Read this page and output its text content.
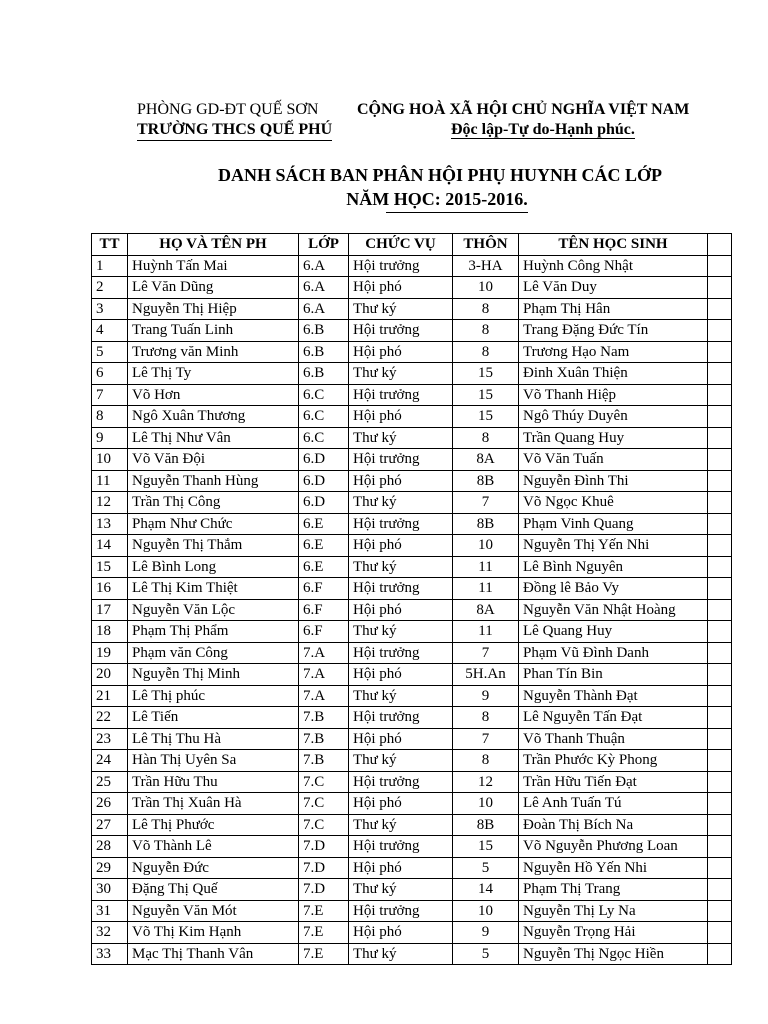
PHÒNG GD-ĐT QUẾ SƠN
TRƯỜNG THCS QUẾ PHÚ
CỘNG HOÀ XÃ HỘI CHỦ NGHĨA VIỆT NAM
Độc lập-Tự do-Hạnh phúc.
DANH SÁCH BAN PHÂN HỘI PHỤ HUYNH CÁC LỚP
NĂM HỌC: 2015-2016.
TT	HỌ VÀ TÊN PH	LỚP	CHỨC VỤ	THÔN	TÊN HỌC SINH	
1	Huỳnh Tấn Mai	6.A	Hội trưởng	3-HA	Huỳnh Công Nhật	
2	Lê Văn Dũng	6.A	Hội phó	10	Lê Văn Duy	
3	Nguyễn Thị Hiệp	6.A	Thư ký	8	Phạm Thị Hân	
4	Trang Tuấn Linh	6.B	Hội trưởng	8	Trang Đặng Đức Tín	
5	Trương văn Minh	6.B	Hội phó	8	Trương Hạo Nam	
6	Lê Thị Ty	6.B	Thư ký	15	Đinh Xuân Thiện	
7	Võ Hơn	6.C	Hội trưởng	15	Võ Thanh Hiệp	
8	Ngô Xuân Thương	6.C	Hội phó	15	Ngô Thúy Duyên	
9	Lê Thị Như Vân	6.C	Thư ký	8	Trần Quang Huy	
10	Võ Văn Đội	6.D	Hội trưởng	8A	Võ Văn Tuấn	
11	Nguyễn Thanh Hùng	6.D	Hội phó	8B	Nguyễn Đình Thi	
12	Trần Thị Công	6.D	Thư ký	7	Võ Ngọc Khuê	
13	Phạm Như Chức	6.E	Hội trưởng	8B	Phạm Vinh Quang	
14	Nguyễn Thị Thắm	6.E	Hội phó	10	Nguyễn Thị Yến Nhi	
15	Lê Bình Long	6.E	Thư ký	11	Lê Bình Nguyên	
16	Lê Thị Kim Thiệt	6.F	Hội trưởng	11	Đồng lê Bảo Vy	
17	Nguyễn Văn Lộc	6.F	Hội phó	8A	Nguyễn Văn Nhật Hoàng	
18	Phạm Thị Phẩm	6.F	Thư ký	11	Lê Quang Huy	
19	Phạm văn Công	7.A	Hội trưởng	7	Phạm Vũ Đình Danh	
20	Nguyễn Thị Minh	7.A	Hội phó	5H.An	Phan Tín Bin	
21	Lê Thị phúc	7.A	Thư ký	9	Nguyễn Thành Đạt	
22	Lê Tiến	7.B	Hội trưởng	8	Lê Nguyễn Tấn Đạt	
23	Lê Thị Thu Hà	7.B	Hội phó	7	Võ Thanh Thuận	
24	Hàn Thị Uyên Sa	7.B	Thư ký	8	Trần Phước Kỳ Phong	
25	Trần Hữu Thu	7.C	Hội trưởng	12	Trần Hữu Tiến Đạt	
26	Trần Thị Xuân Hà	7.C	Hội phó	10	Lê Anh Tuấn Tú	
27	Lê Thị Phước	7.C	Thư ký	8B	Đoàn Thị Bích Na	
28	Võ Thành Lê	7.D	Hội trưởng	15	Võ Nguyễn Phương Loan	
29	Nguyễn Đức	7.D	Hội phó	5	Nguyễn Hồ Yến Nhi	
30	Đặng Thị Quế	7.D	Thư ký	14	Phạm Thị Trang	
31	Nguyễn Văn Mót	7.E	Hội trưởng	10	Nguyễn Thị Ly Na	
32	Võ Thị Kim Hạnh	7.E	Hội phó	9	Nguyễn Trọng Hải	
33	Mạc Thị Thanh Vân	7.E	Thư ký	5	Nguyễn Thị Ngọc Hiền	
